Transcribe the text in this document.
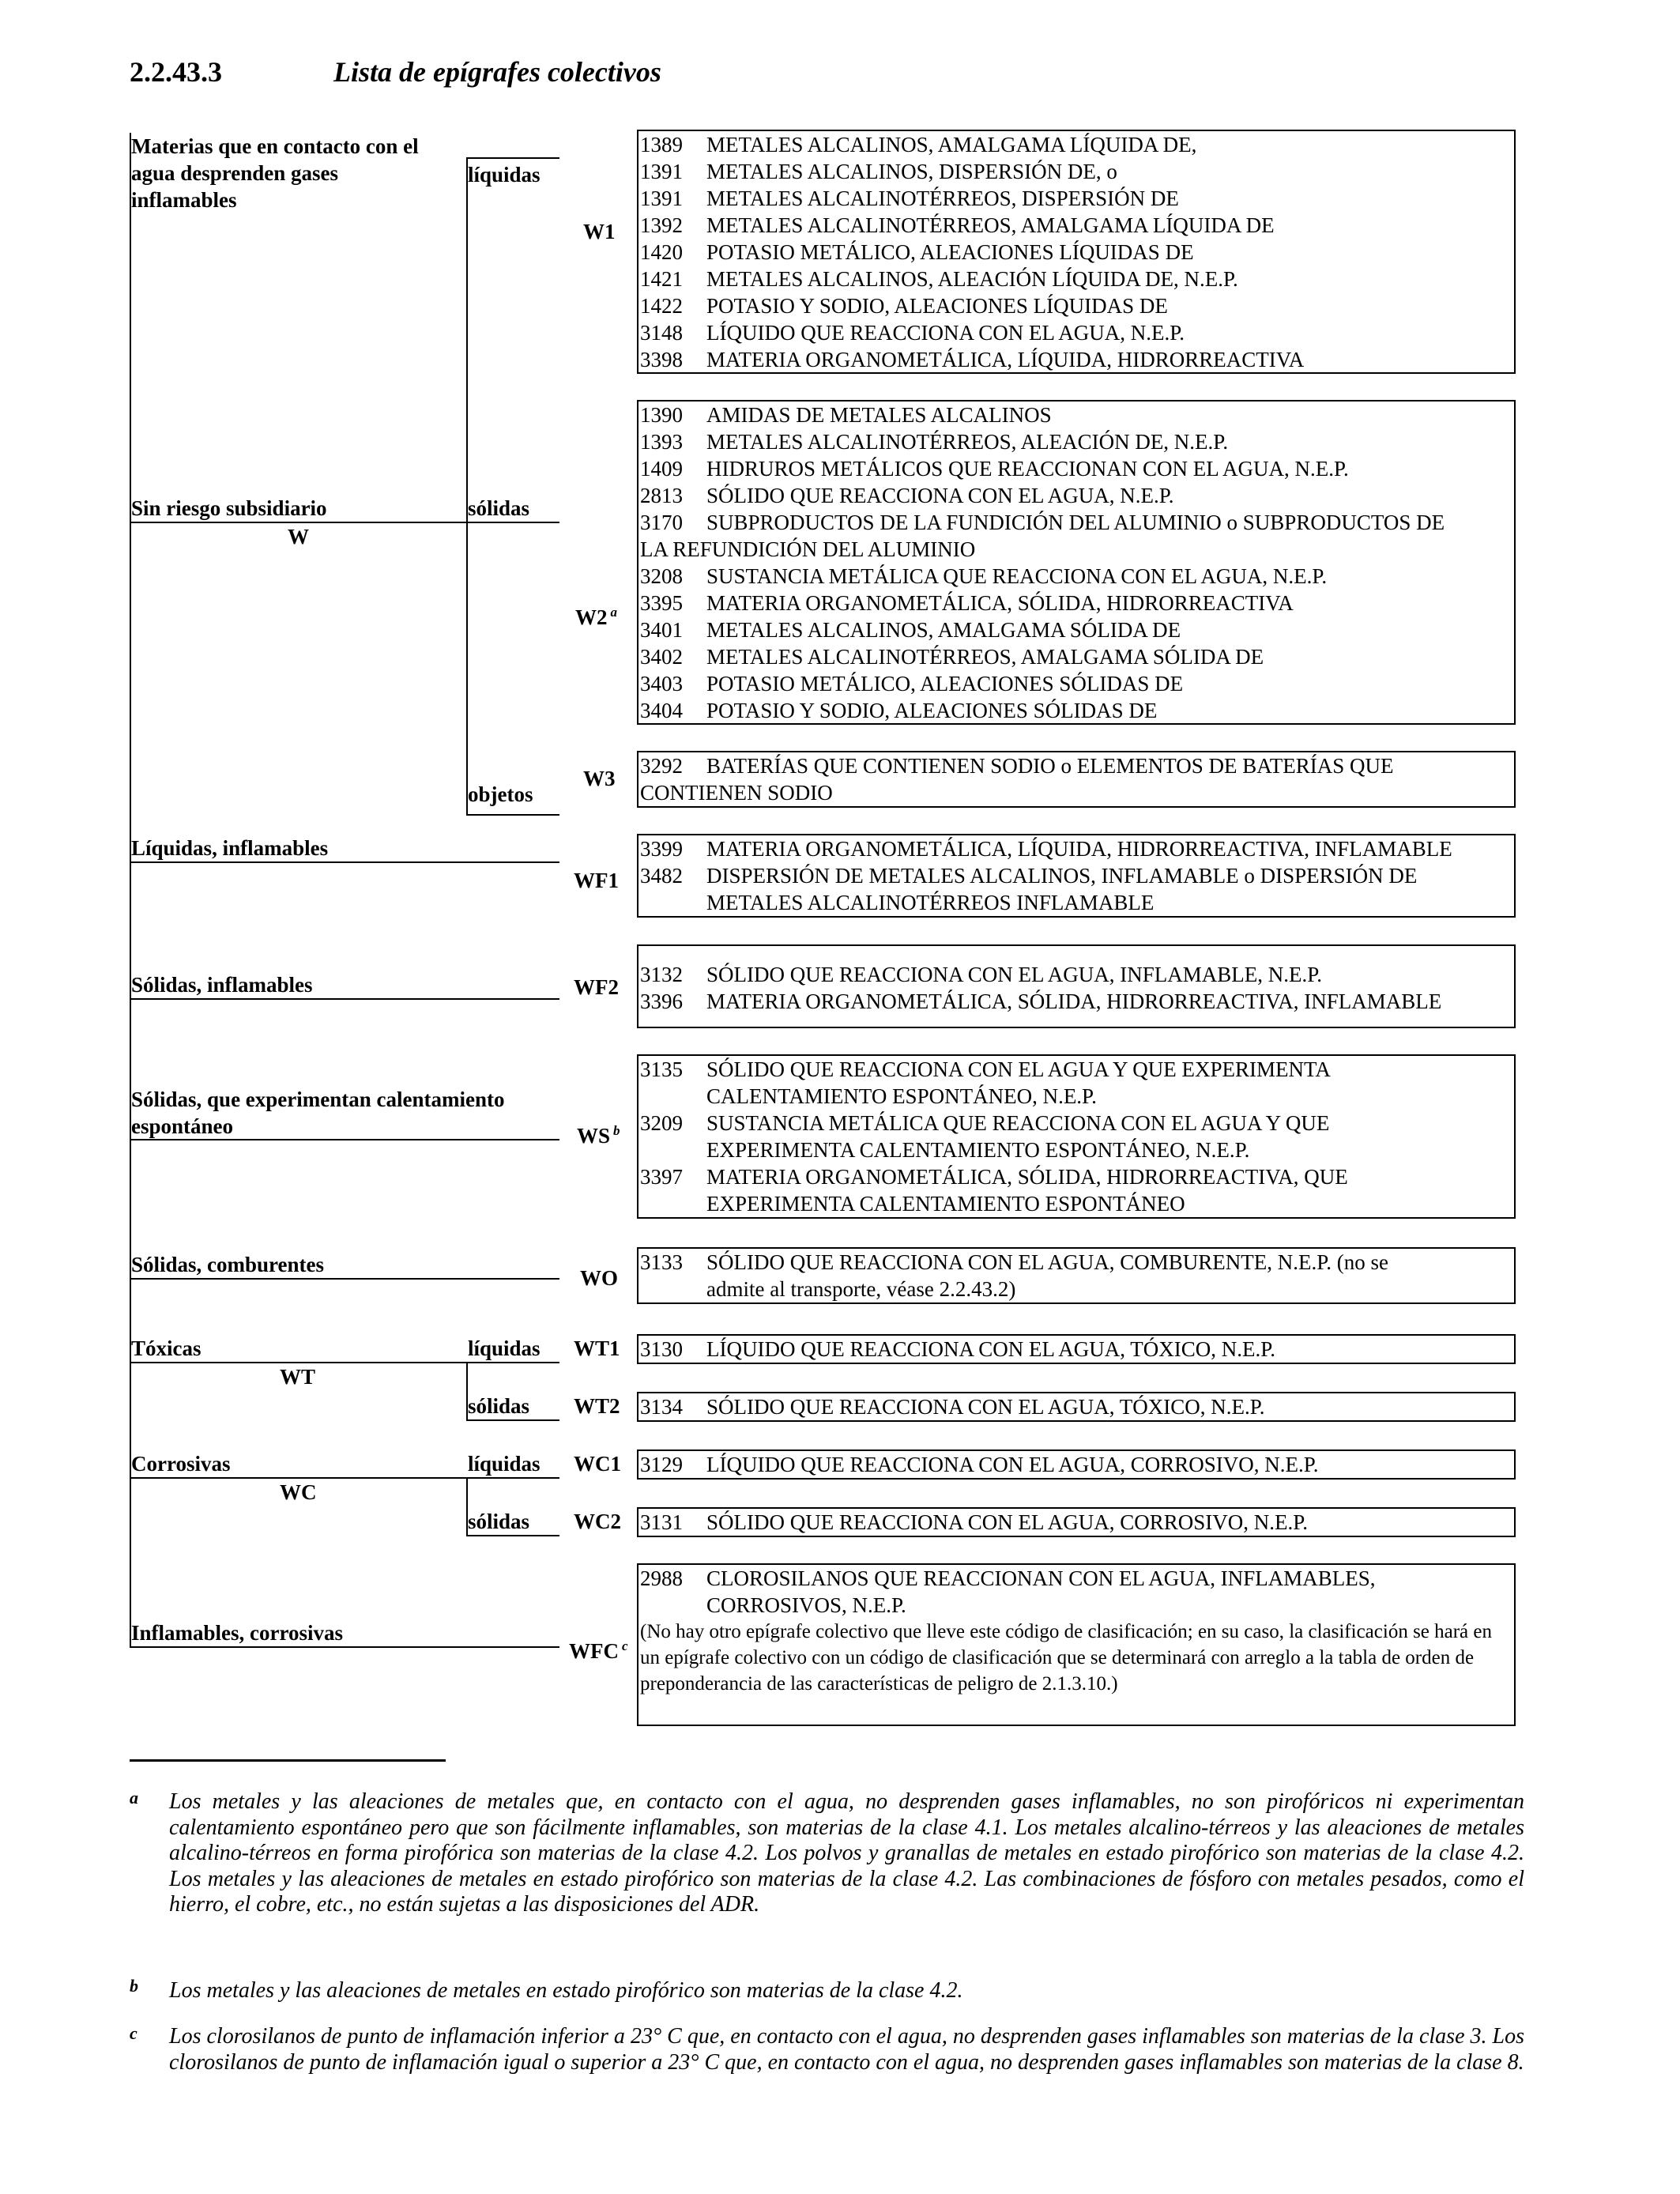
2.2.43.3	Lista de epígrafes colectivos
Materias que en contacto con el
agua desprenden gases
inflamables
Sin riesgo subsidiario
W
Líquidas, inflamables
Sólidas, inflamables
Sólidas, que experimentan calentamiento
espontáneo
Sólidas, comburentes
Tóxicas
WT
Corrosivas
WC
Inflamables, corrosivas
líquidas
sólidas
objetos
líquidas
sólidas
líquidas
sólidas
W1
W2 $^a$
W3
WF1
WF2
WS $^b$
WO
WT1
WT2
WC1
WC2
WFC $^c$
1389 METALES ALCALINOS, AMALGAMA LÍQUIDA DE,
1391 METALES ALCALINOS, DISPERSIÓN DE, o
1391 METALES ALCALINOTÉRREOS, DISPERSIÓN DE
1392 METALES ALCALINOTÉRREOS, AMALGAMA LÍQUIDA DE
1420 POTASIO METÁLICO, ALEACIONES LÍQUIDAS DE
1421 METALES ALCALINOS, ALEACIÓN LÍQUIDA DE, N.E.P.
1422 POTASIO Y SODIO, ALEACIONES LÍQUIDAS DE
3148 LÍQUIDO QUE REACCIONA CON EL AGUA, N.E.P.
3398 MATERIA ORGANOMETÁLICA, LÍQUIDA, HIDRORREACTIVA
1390 AMIDAS DE METALES ALCALINOS
1393 METALES ALCALINOTÉRREOS, ALEACIÓN DE, N.E.P.
1409 HIDRUROS METÁLICOS QUE REACCIONAN CON EL AGUA, N.E.P.
2813 SÓLIDO QUE REACCIONA CON EL AGUA, N.E.P.
3170 SUBPRODUCTOS DE LA FUNDICIÓN DEL ALUMINIO o SUBPRODUCTOS DE
LA REFUNDICIÓN DEL ALUMINIO
3208 SUSTANCIA METÁLICA QUE REACCIONA CON EL AGUA, N.E.P.
3395 MATERIA ORGANOMETÁLICA, SÓLIDA, HIDRORREACTIVA
3401 METALES ALCALINOS, AMALGAMA SÓLIDA DE
3402 METALES ALCALINOTÉRREOS, AMALGAMA SÓLIDA DE
3403 POTASIO METÁLICO, ALEACIONES SÓLIDAS DE
3404 POTASIO Y SODIO, ALEACIONES SÓLIDAS DE
3292 BATERÍAS QUE CONTIENEN SODIO o ELEMENTOS DE BATERÍAS QUE
CONTIENEN SODIO
3399 MATERIA ORGANOMETÁLICA, LÍQUIDA, HIDRORREACTIVA, INFLAMABLE
3482 DISPERSIÓN DE METALES ALCALINOS, INFLAMABLE o DISPERSIÓN DE
METALES ALCALINOTÉRREOS INFLAMABLE
3132 SÓLIDO QUE REACCIONA CON EL AGUA, INFLAMABLE, N.E.P.
3396 MATERIA ORGANOMETÁLICA, SÓLIDA, HIDRORREACTIVA, INFLAMABLE
3135 SÓLIDO QUE REACCIONA CON EL AGUA Y QUE EXPERIMENTA
CALENTAMIENTO ESPONTÁNEO, N.E.P.
3209 SUSTANCIA METÁLICA QUE REACCIONA CON EL AGUA Y QUE
EXPERIMENTA CALENTAMIENTO ESPONTÁNEO, N.E.P.
3397 MATERIA ORGANOMETÁLICA, SÓLIDA, HIDRORREACTIVA, QUE
EXPERIMENTA CALENTAMIENTO ESPONTÁNEO
3133 SÓLIDO QUE REACCIONA CON EL AGUA, COMBURENTE, N.E.P. (no se
admite al transporte, véase 2.2.43.2)
3130 LÍQUIDO QUE REACCIONA CON EL AGUA, TÓXICO, N.E.P.
3134 SÓLIDO QUE REACCIONA CON EL AGUA, TÓXICO, N.E.P.
3129 LÍQUIDO QUE REACCIONA CON EL AGUA, CORROSIVO, N.E.P.
3131 SÓLIDO QUE REACCIONA CON EL AGUA, CORROSIVO, N.E.P.
2988 CLOROSILANOS QUE REACCIONAN CON EL AGUA, INFLAMABLES,
CORROSIVOS, N.E.P.
(No hay otro epígrafe colectivo que lleve este código de clasificación; en su caso, la clasificación se hará en un epígrafe colectivo con un código de clasificación que se determinará con arreglo a la tabla de orden de preponderancia de las características de peligro de 2.1.3.10.)
a Los metales y las aleaciones de metales que, en contacto con el agua, no desprenden gases inflamables, no son pirofóricos ni experimentan calentamiento espontáneo pero que son fácilmente inflamables, son materias de la clase 4.1. Los metales alcalino-térreos y las aleaciones de metales alcalino-térreos en forma pirofórica son materias de la clase 4.2. Los polvos y granallas de metales en estado pirofórico son materias de la clase 4.2. Los metales y las aleaciones de metales en estado pirofórico son materias de la clase 4.2. Las combinaciones de fósforo con metales pesados, como el hierro, el cobre, etc., no están sujetas a las disposiciones del ADR.
b Los metales y las aleaciones de metales en estado pirofórico son materias de la clase 4.2.
c Los clorosilanos de punto de inflamación inferior a 23° C que, en contacto con el agua, no desprenden gases inflamables son materias de la clase 3. Los clorosilanos de punto de inflamación igual o superior a 23° C que, en contacto con el agua, no desprenden gases inflamables son materias de la clase 8.
